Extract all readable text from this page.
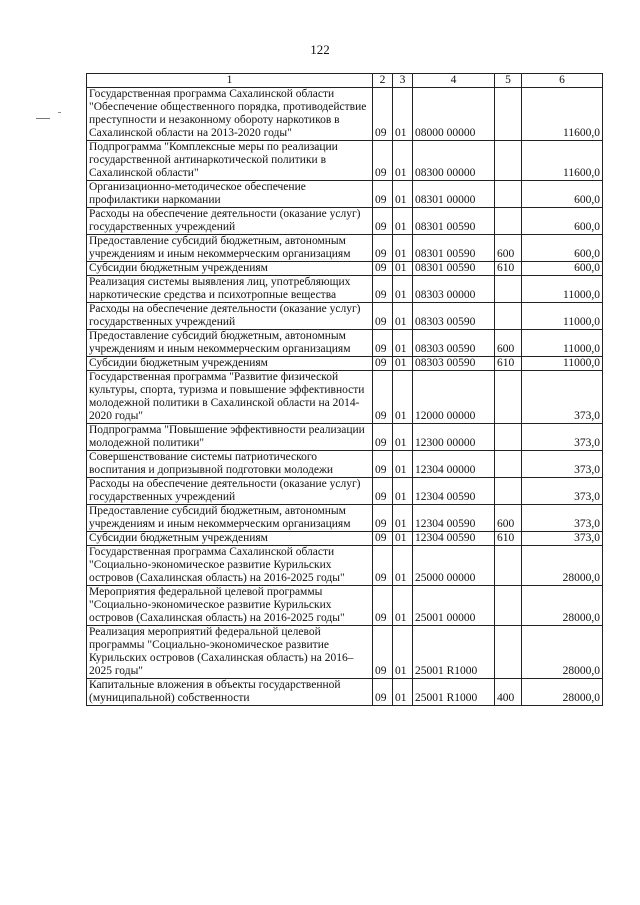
122
1	2	3	4	5	6
Государственная программа Сахалинской области "Обеспечение общественного порядка, противодействие преступности и незаконному обороту наркотиков в Сахалинской области на 2013-2020 годы"	09	01	08000 00000		11600,0
Подпрограмма "Комплексные меры по реализации государственной антинаркотической политики в Сахалинской области"	09	01	08300 00000		11600,0
Организационно-методическое обеспечение профилактики наркомании	09	01	08301 00000		600,0
Расходы на обеспечение деятельности (оказание услуг) государственных учреждений	09	01	08301 00590		600,0
Предоставление субсидий бюджетным, автономным учреждениям и иным некоммерческим организациям	09	01	08301 00590	600	600,0
Субсидии бюджетным учреждениям	09	01	08301 00590	610	600,0
Реализация системы выявления лиц, употребляющих наркотические средства и психотропные вещества	09	01	08303 00000		11000,0
Расходы на обеспечение деятельности (оказание услуг) государственных учреждений	09	01	08303 00590		11000,0
Предоставление субсидий бюджетным, автономным учреждениям и иным некоммерческим организациям	09	01	08303 00590	600	11000,0
Субсидии бюджетным учреждениям	09	01	08303 00590	610	11000,0
Государственная программа "Развитие физической культуры, спорта, туризма и повышение эффективности молодежной политики в Сахалинской области на 2014-2020 годы"	09	01	12000 00000		373,0
Подпрограмма "Повышение эффективности реализации молодежной политики"	09	01	12300 00000		373,0
Совершенствование системы патриотического воспитания и допризывной подготовки молодежи	09	01	12304 00000		373,0
Расходы на обеспечение деятельности (оказание услуг) государственных учреждений	09	01	12304 00590		373,0
Предоставление субсидий бюджетным, автономным учреждениям и иным некоммерческим организациям	09	01	12304 00590	600	373,0
Субсидии бюджетным учреждениям	09	01	12304 00590	610	373,0
Государственная программа Сахалинской области "Социально-экономическое развитие Курильских островов (Сахалинская область) на 2016-2025 годы"	09	01	25000 00000		28000,0
Мероприятия федеральной целевой программы "Социально-экономическое развитие Курильских островов (Сахалинская область) на 2016-2025 годы"	09	01	25001 00000		28000,0
Реализация мероприятий федеральной целевой программы "Социально-экономическое развитие Курильских островов (Сахалинская область) на 2016–2025 годы"	09	01	25001 R1000		28000,0
Капитальные вложения в объекты государственной (муниципальной) собственности	09	01	25001 R1000	400	28000,0
